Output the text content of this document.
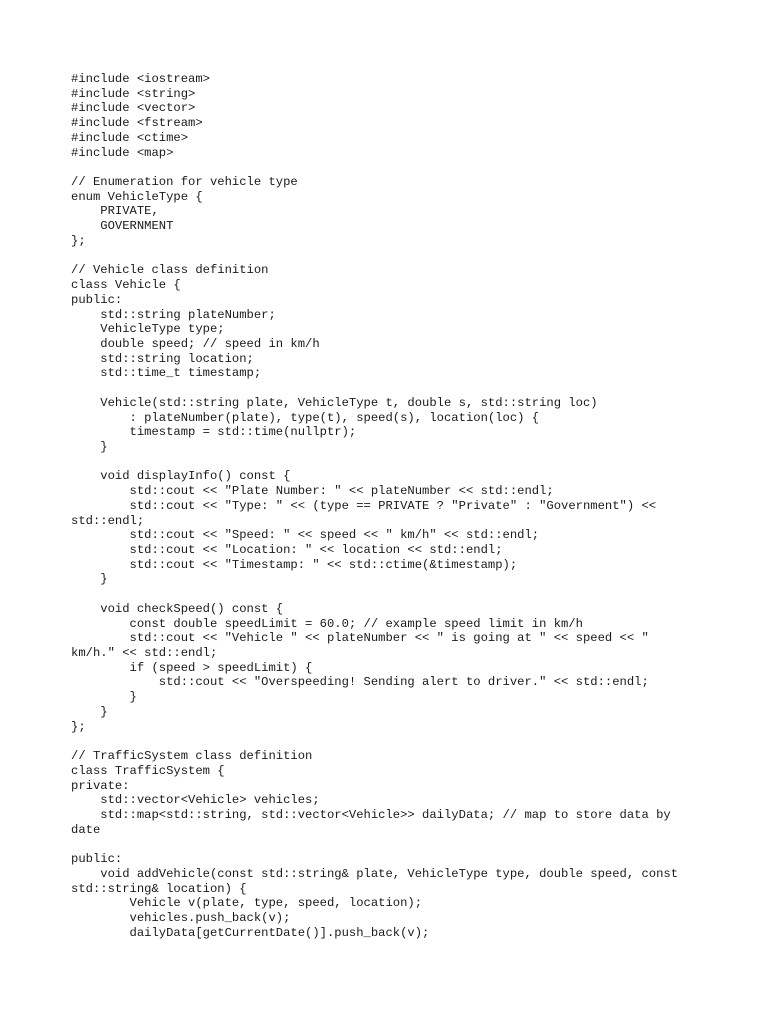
#include <iostream>
#include <string>
#include <vector>
#include <fstream>
#include <ctime>
#include <map>

// Enumeration for vehicle type
enum VehicleType {
PRIVATE,
GOVERNMENT
};

// Vehicle class definition
class Vehicle {
public:
std::string plateNumber;
VehicleType type;
double speed; // speed in km/h
std::string location;
std::time_t timestamp;

Vehicle(std::string plate, VehicleType t, double s, std::string loc)
: plateNumber(plate), type(t), speed(s), location(loc) {
timestamp = std::time(nullptr);
}

void displayInfo() const {
std::cout << "Plate Number: " << plateNumber << std::endl;
std::cout << "Type: " << (type == PRIVATE ? "Private" : "Government") <<
std::endl;
std::cout << "Speed: " << speed << " km/h" << std::endl;
std::cout << "Location: " << location << std::endl;
std::cout << "Timestamp: " << std::ctime(&timestamp);
}

void checkSpeed() const {
const double speedLimit = 60.0; // example speed limit in km/h
std::cout << "Vehicle " << plateNumber << " is going at " << speed << "
km/h." << std::endl;
if (speed > speedLimit) {
std::cout << "Overspeeding! Sending alert to driver." << std::endl;
}
}
};

// TrafficSystem class definition
class TrafficSystem {
private:
std::vector<Vehicle> vehicles;
std::map<std::string, std::vector<Vehicle>> dailyData; // map to store data by
date

public:
void addVehicle(const std::string& plate, VehicleType type, double speed, const
std::string& location) {
Vehicle v(plate, type, speed, location);
vehicles.push_back(v);
dailyData[getCurrentDate()].push_back(v);
